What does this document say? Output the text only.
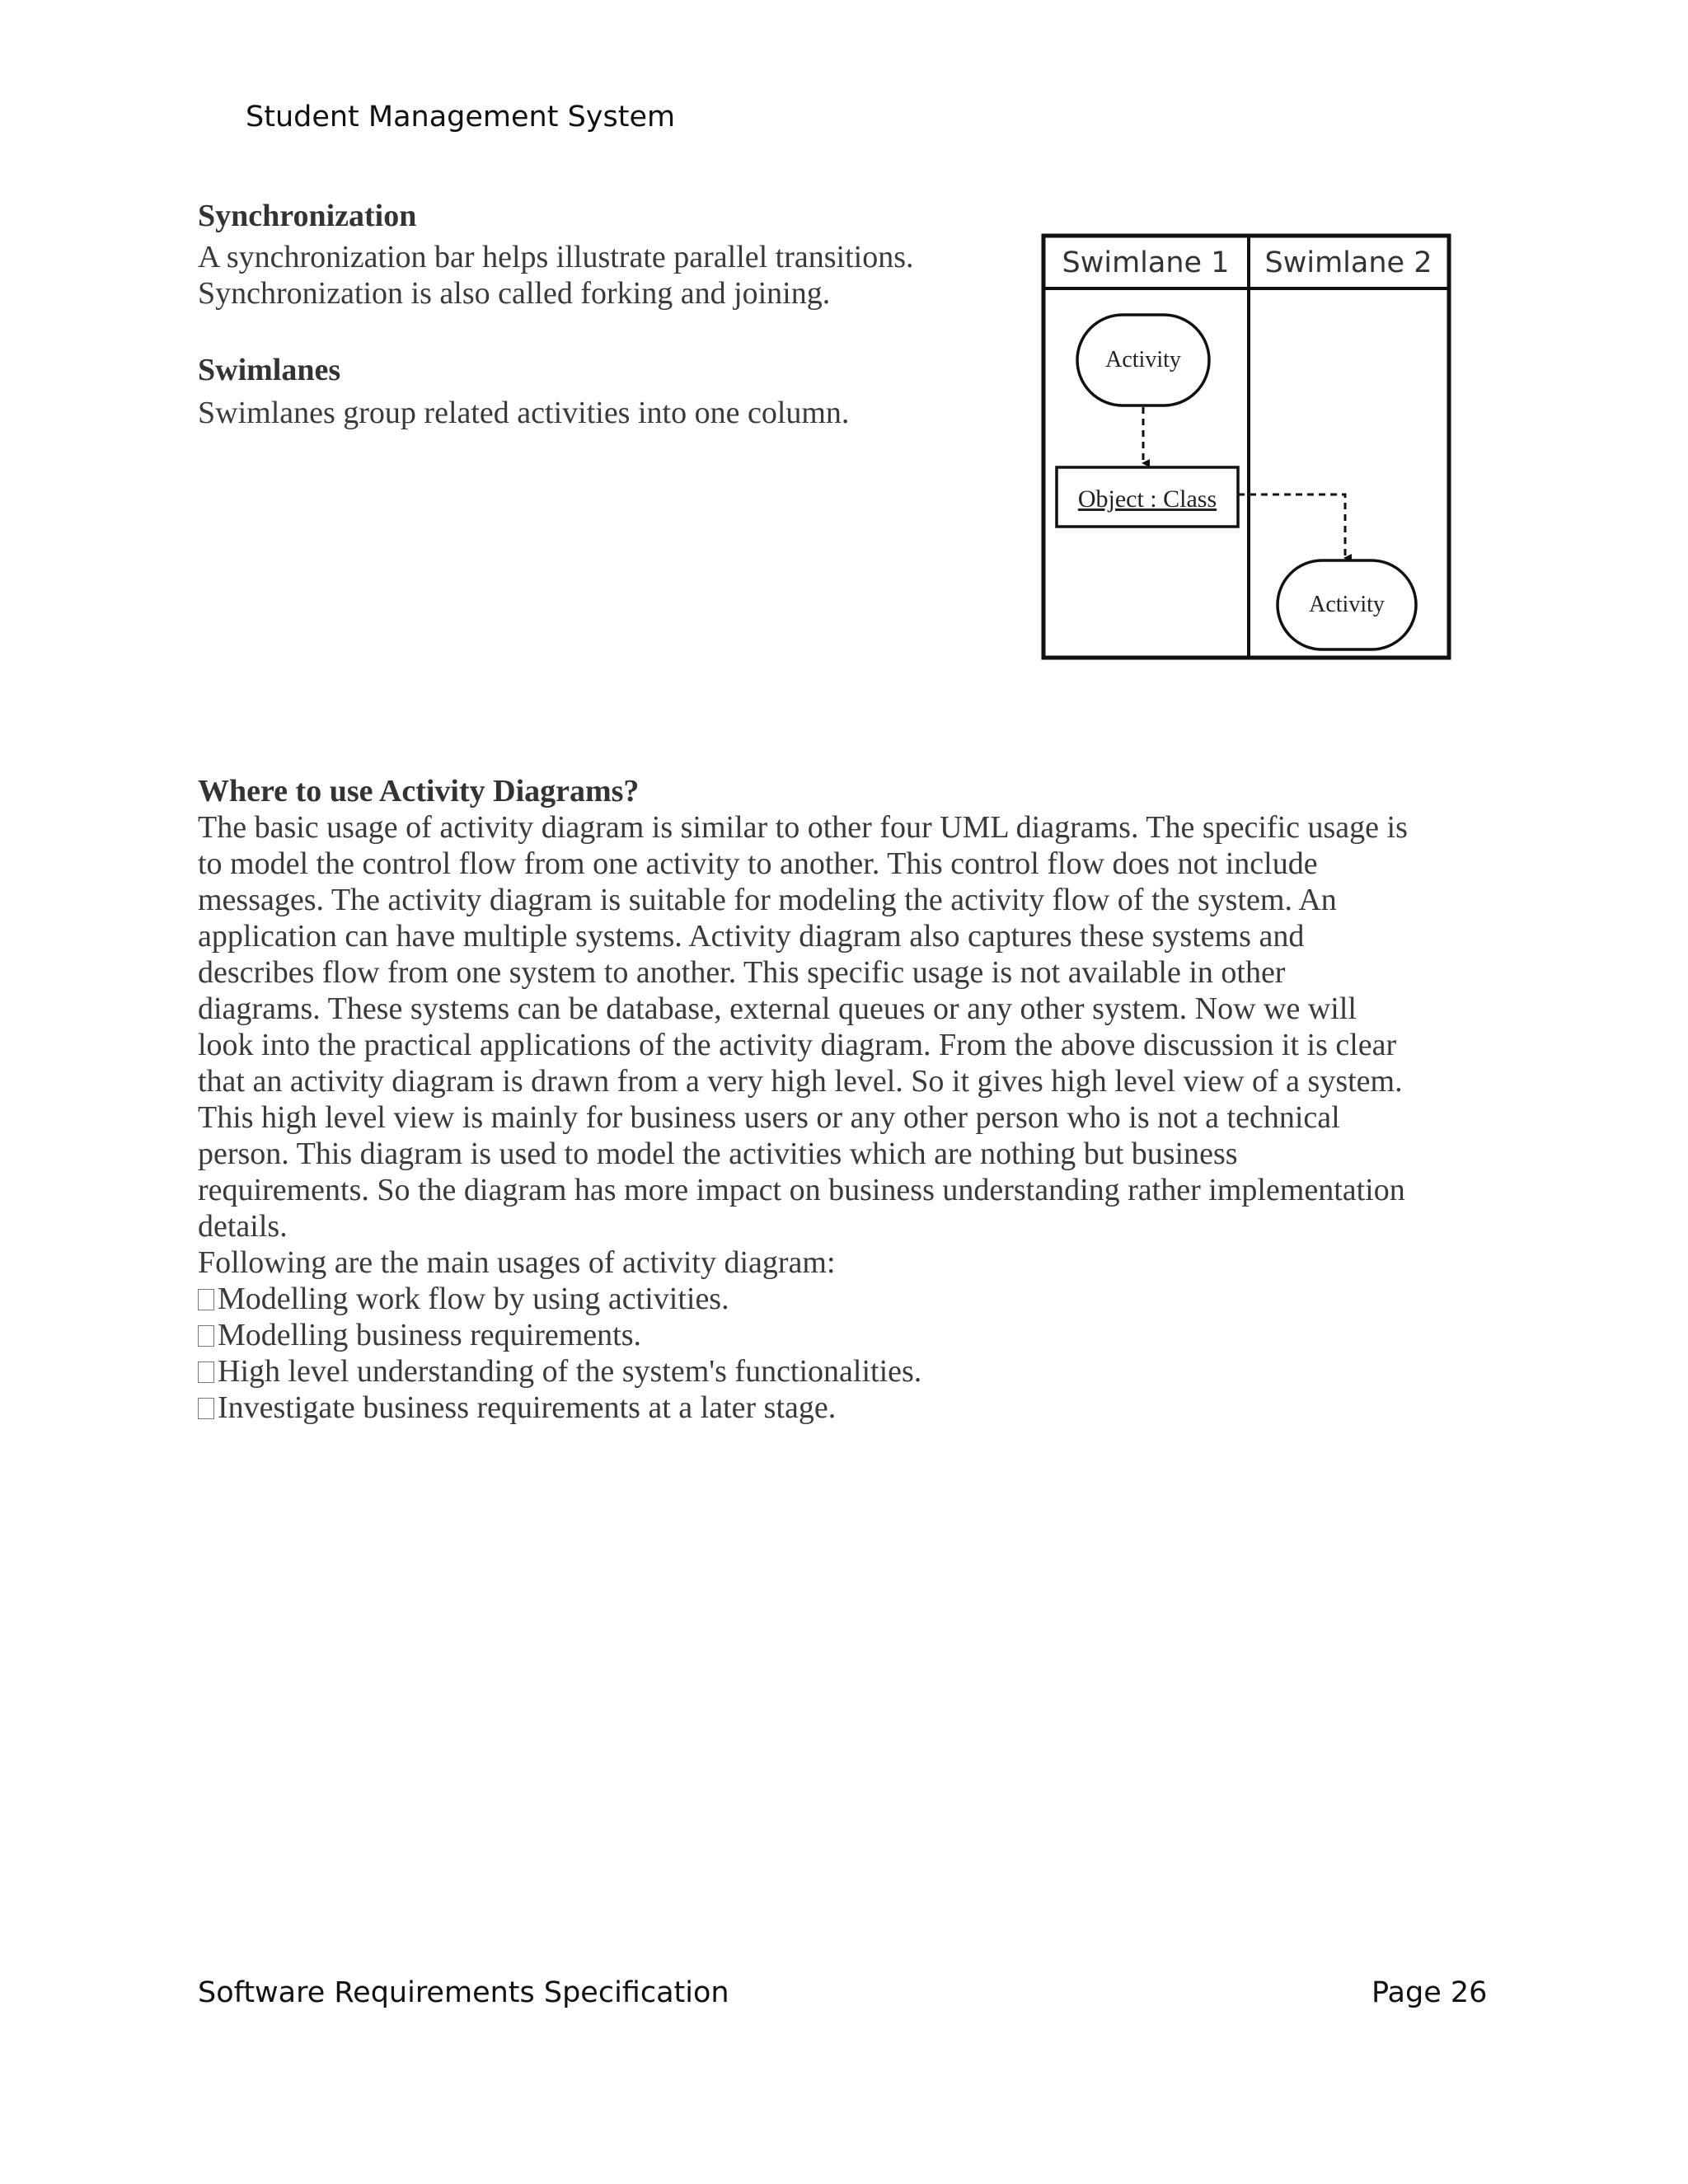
Student Management System
Synchronization
A synchronization bar helps illustrate parallel transitions.
Synchronization is also called forking and joining.
Swimlanes
Swimlanes group related activities into one column.
Swimlane 1 Swimlane 2
Activity
Object : Class
Activity
Where to use Activity Diagrams?
The basic usage of activity diagram is similar to other four UML diagrams. The specific usage is
to model the control flow from one activity to another. This control flow does not include
messages. The activity diagram is suitable for modeling the activity flow of the system. An
application can have multiple systems. Activity diagram also captures these systems and
describes flow from one system to another. This specific usage is not available in other
diagrams. These systems can be database, external queues or any other system. Now we will
look into the practical applications of the activity diagram. From the above discussion it is clear
that an activity diagram is drawn from a very high level. So it gives high level view of a system.
This high level view is mainly for business users or any other person who is not a technical
person. This diagram is used to model the activities which are nothing but business
requirements. So the diagram has more impact on business understanding rather implementation
details.
Following are the main usages of activity diagram:
Modelling work flow by using activities.
Modelling business requirements.
High level understanding of the system's functionalities.
Investigate business requirements at a later stage.
Software Requirements Specification	Page 26
